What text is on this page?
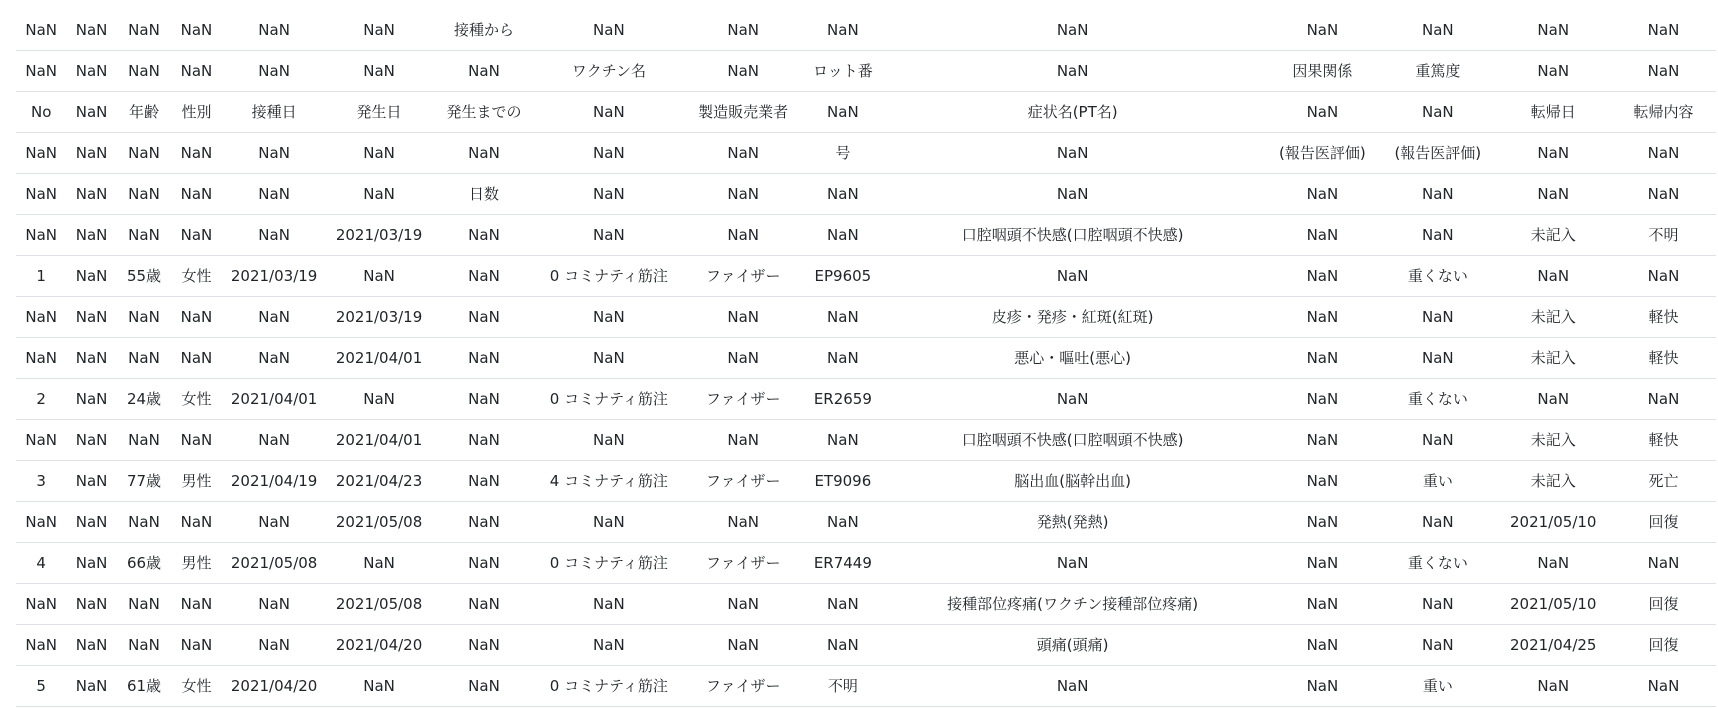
NaN	NaN	NaN	NaN	NaN	NaN	接種から	NaN	NaN	NaN	NaN	NaN	NaN	NaN	NaN
NaN	NaN	NaN	NaN	NaN	NaN	NaN	ワクチン名	NaN	ロット番	NaN	因果関係	重篤度	NaN	NaN
No	NaN	年齢	性別	接種日	発生日	発生までの	NaN	製造販売業者	NaN	症状名(PT名)	NaN	NaN	転帰日	転帰内容
NaN	NaN	NaN	NaN	NaN	NaN	NaN	NaN	NaN	号	NaN	(報告医評価)	(報告医評価)	NaN	NaN
NaN	NaN	NaN	NaN	NaN	NaN	日数	NaN	NaN	NaN	NaN	NaN	NaN	NaN	NaN
NaN	NaN	NaN	NaN	NaN	2021/03/19	NaN	NaN	NaN	NaN	口腔咽頭不快感(口腔咽頭不快感)	NaN	NaN	未記入	不明
1	NaN	55歳	女性	2021/03/19	NaN	NaN	0 コミナティ筋注	ファイザー	EP9605	NaN	NaN	重くない	NaN	NaN
NaN	NaN	NaN	NaN	NaN	2021/03/19	NaN	NaN	NaN	NaN	皮疹・発疹・紅斑(紅斑)	NaN	NaN	未記入	軽快
NaN	NaN	NaN	NaN	NaN	2021/04/01	NaN	NaN	NaN	NaN	悪心・嘔吐(悪心)	NaN	NaN	未記入	軽快
2	NaN	24歳	女性	2021/04/01	NaN	NaN	0 コミナティ筋注	ファイザー	ER2659	NaN	NaN	重くない	NaN	NaN
NaN	NaN	NaN	NaN	NaN	2021/04/01	NaN	NaN	NaN	NaN	口腔咽頭不快感(口腔咽頭不快感)	NaN	NaN	未記入	軽快
3	NaN	77歳	男性	2021/04/19	2021/04/23	NaN	4 コミナティ筋注	ファイザー	ET9096	脳出血(脳幹出血)	NaN	重い	未記入	死亡
NaN	NaN	NaN	NaN	NaN	2021/05/08	NaN	NaN	NaN	NaN	発熱(発熱)	NaN	NaN	2021/05/10	回復
4	NaN	66歳	男性	2021/05/08	NaN	NaN	0 コミナティ筋注	ファイザー	ER7449	NaN	NaN	重くない	NaN	NaN
NaN	NaN	NaN	NaN	NaN	2021/05/08	NaN	NaN	NaN	NaN	接種部位疼痛(ワクチン接種部位疼痛)	NaN	NaN	2021/05/10	回復
NaN	NaN	NaN	NaN	NaN	2021/04/20	NaN	NaN	NaN	NaN	頭痛(頭痛)	NaN	NaN	2021/04/25	回復
5	NaN	61歳	女性	2021/04/20	NaN	NaN	0 コミナティ筋注	ファイザー	不明	NaN	NaN	重い	NaN	NaN
